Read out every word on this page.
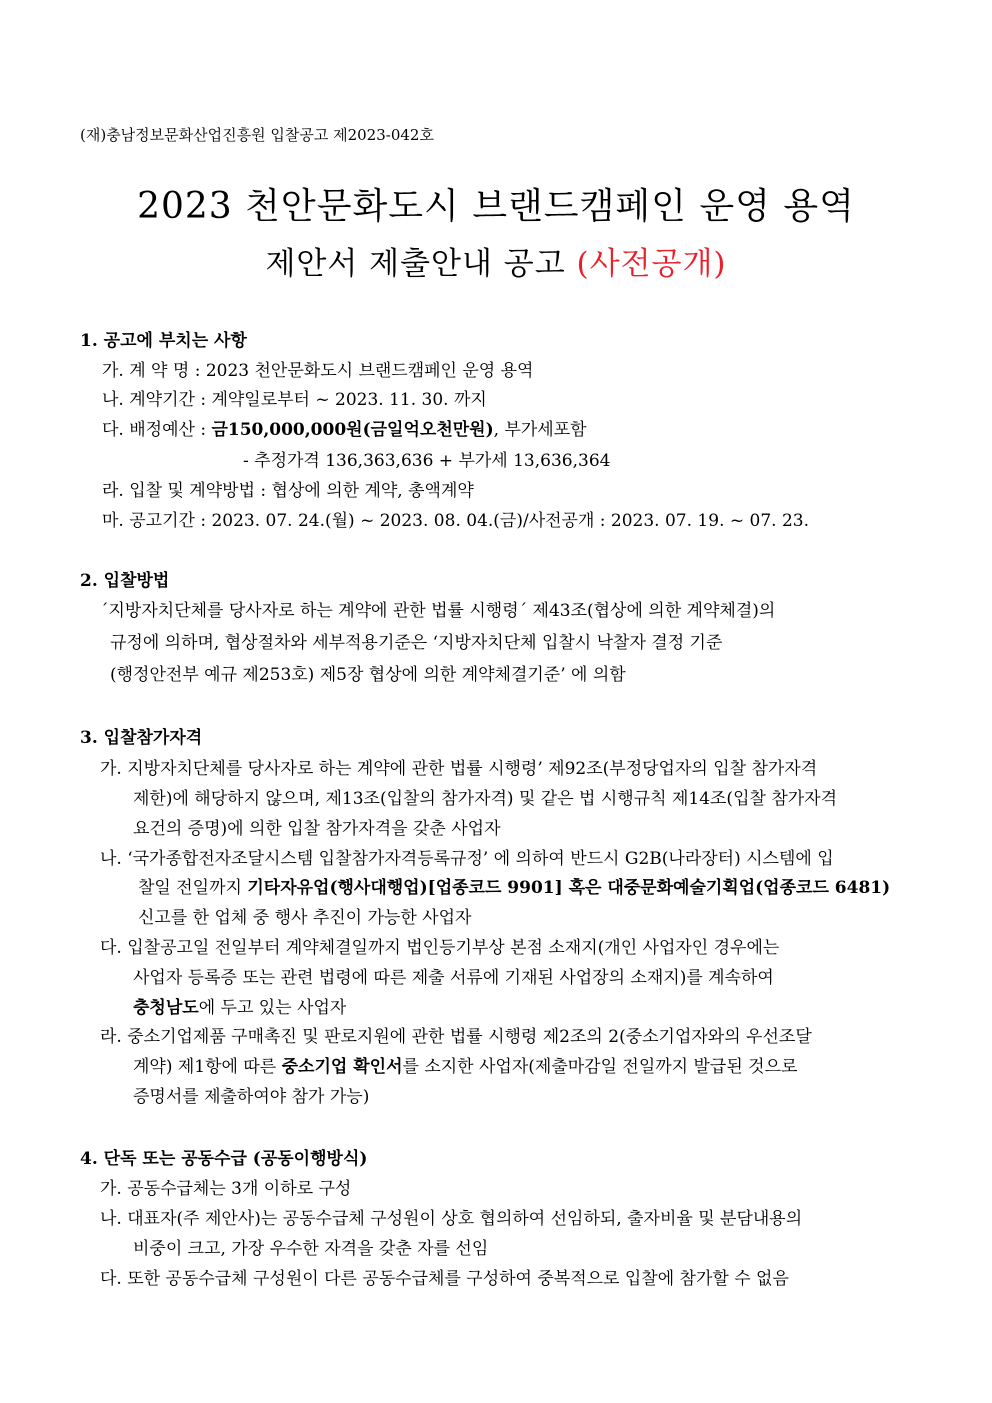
(재)충남정보문화산업진흥원 입찰공고 제2023-042호
2023 천안문화도시 브랜드캠페인 운영 용역
제안서 제출안내 공고 (사전공개)
1. 공고에 부치는 사항
가. 계 약 명 : 2023 천안문화도시 브랜드캠페인 운영 용역
나. 계약기간 : 계약일로부터 ~ 2023. 11. 30. 까지
다. 배정예산 : 금150,000,000원(금일억오천만원), 부가세포함
- 추정가격 136,363,636 + 부가세 13,636,364
라. 입찰 및 계약방법 : 협상에 의한 계약, 총액계약
마. 공고기간 : 2023. 07. 24.(월) ~ 2023. 08. 04.(금)/사전공개 : 2023. 07. 19. ~ 07. 23.
2. 입찰방법
´지방자치단체를 당사자로 하는 계약에 관한 법률 시행령´ 제43조(협상에 의한 계약체결)의
규정에 의하며, 협상절차와 세부적용기준은 ‘지방자치단체 입찰시 낙찰자 결정 기준
(행정안전부 예규 제253호) 제5장 협상에 의한 계약체결기준’ 에 의함
3. 입찰참가자격
가. 지방자치단체를 당사자로 하는 계약에 관한 법률 시행령’ 제92조(부정당업자의 입찰 참가자격
제한)에 해당하지 않으며, 제13조(입찰의 참가자격) 및 같은 법 시행규칙 제14조(입찰 참가자격
요건의 증명)에 의한 입찰 참가자격을 갖춘 사업자
나. ‘국가종합전자조달시스템 입찰참가자격등록규정’ 에 의하여 반드시 G2B(나라장터) 시스템에 입
찰일 전일까지 기타자유업(행사대행업)[업종코드 9901] 혹은 대중문화예술기획업(업종코드 6481)
신고를 한 업체 중 행사 추진이 가능한 사업자
다. 입찰공고일 전일부터 계약체결일까지 법인등기부상 본점 소재지(개인 사업자인 경우에는
사업자 등록증 또는 관련 법령에 따른 제출 서류에 기재된 사업장의 소재지)를 계속하여
충청남도에 두고 있는 사업자
라. 중소기업제품 구매촉진 및 판로지원에 관한 법률 시행령 제2조의 2(중소기업자와의 우선조달
계약) 제1항에 따른 중소기업 확인서를 소지한 사업자(제출마감일 전일까지 발급된 것으로
증명서를 제출하여야 참가 가능)
4. 단독 또는 공동수급 (공동이행방식)
가. 공동수급체는 3개 이하로 구성
나. 대표자(주 제안사)는 공동수급체 구성원이 상호 협의하여 선임하되, 출자비율 및 분담내용의
비중이 크고, 가장 우수한 자격을 갖춘 자를 선임
다. 또한 공동수급체 구성원이 다른 공동수급체를 구성하여 중복적으로 입찰에 참가할 수 없음
